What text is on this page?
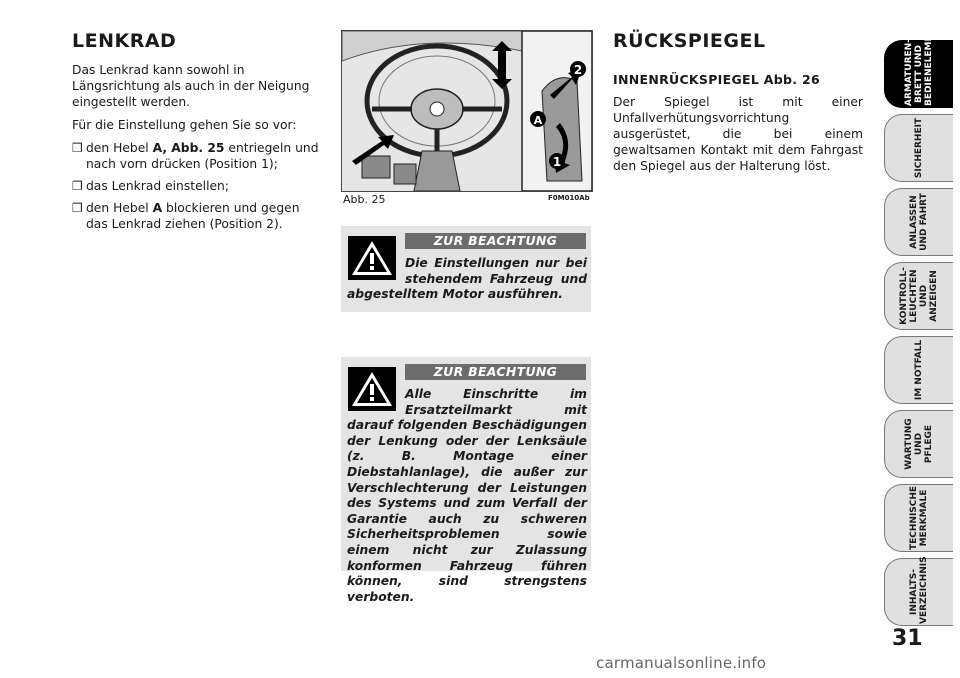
LENKRAD

Das Lenkrad kann sowohl in Längsrichtung als auch in der Neigung eingestellt werden.

Für die Einstellung gehen Sie so vor:

❒ den Hebel A, Abb. 25 entriegeln und nach vorn drücken (Position 1);
❒ das Lenkrad einstellen;
❒ den Hebel A blockieren und gegen das Lenkrad ziehen (Position 2).
2
A
1
Abb. 25	F0M010Ab
ZUR BEACHTUNG
Die Einstellungen nur bei stehendem Fahrzeug und abgestelltem Motor ausführen.
ZUR BEACHTUNG
Alle Einschritte im Ersatzteilmarkt mit darauf folgenden Beschädigungen der Lenkung oder der Lenksäule (z. B. Montage einer Diebstahlanlage), die außer zur Verschlechterung der Leistungen des Systems und zum Verfall der Garantie auch zu schweren Sicherheitsproblemen sowie einem nicht zur Zulassung konformen Fahrzeug führen können, sind strengstens verboten.
RÜCKSPIEGEL
INNENRÜCKSPIEGEL Abb. 26

Der Spiegel ist mit einer Unfallverhütungsvorrichtung ausgerüstet, die bei einem gewaltsamen Kontakt mit dem Fahrgast den Spiegel aus der Halterung löst.

ARMATUREN-
BRETT UND
BEDIENELEMENTE
SICHERHEIT
ANLASSEN
UND FAHRT
KONTROLL-
LEUCHTEN UND
ANZEIGEN
IM NOTFALL
WARTUNG UND
PFLEGE
TECHNISCHE
MERKMALE
INHALTS-
VERZEICHNIS
31
carmanualsonline.info
